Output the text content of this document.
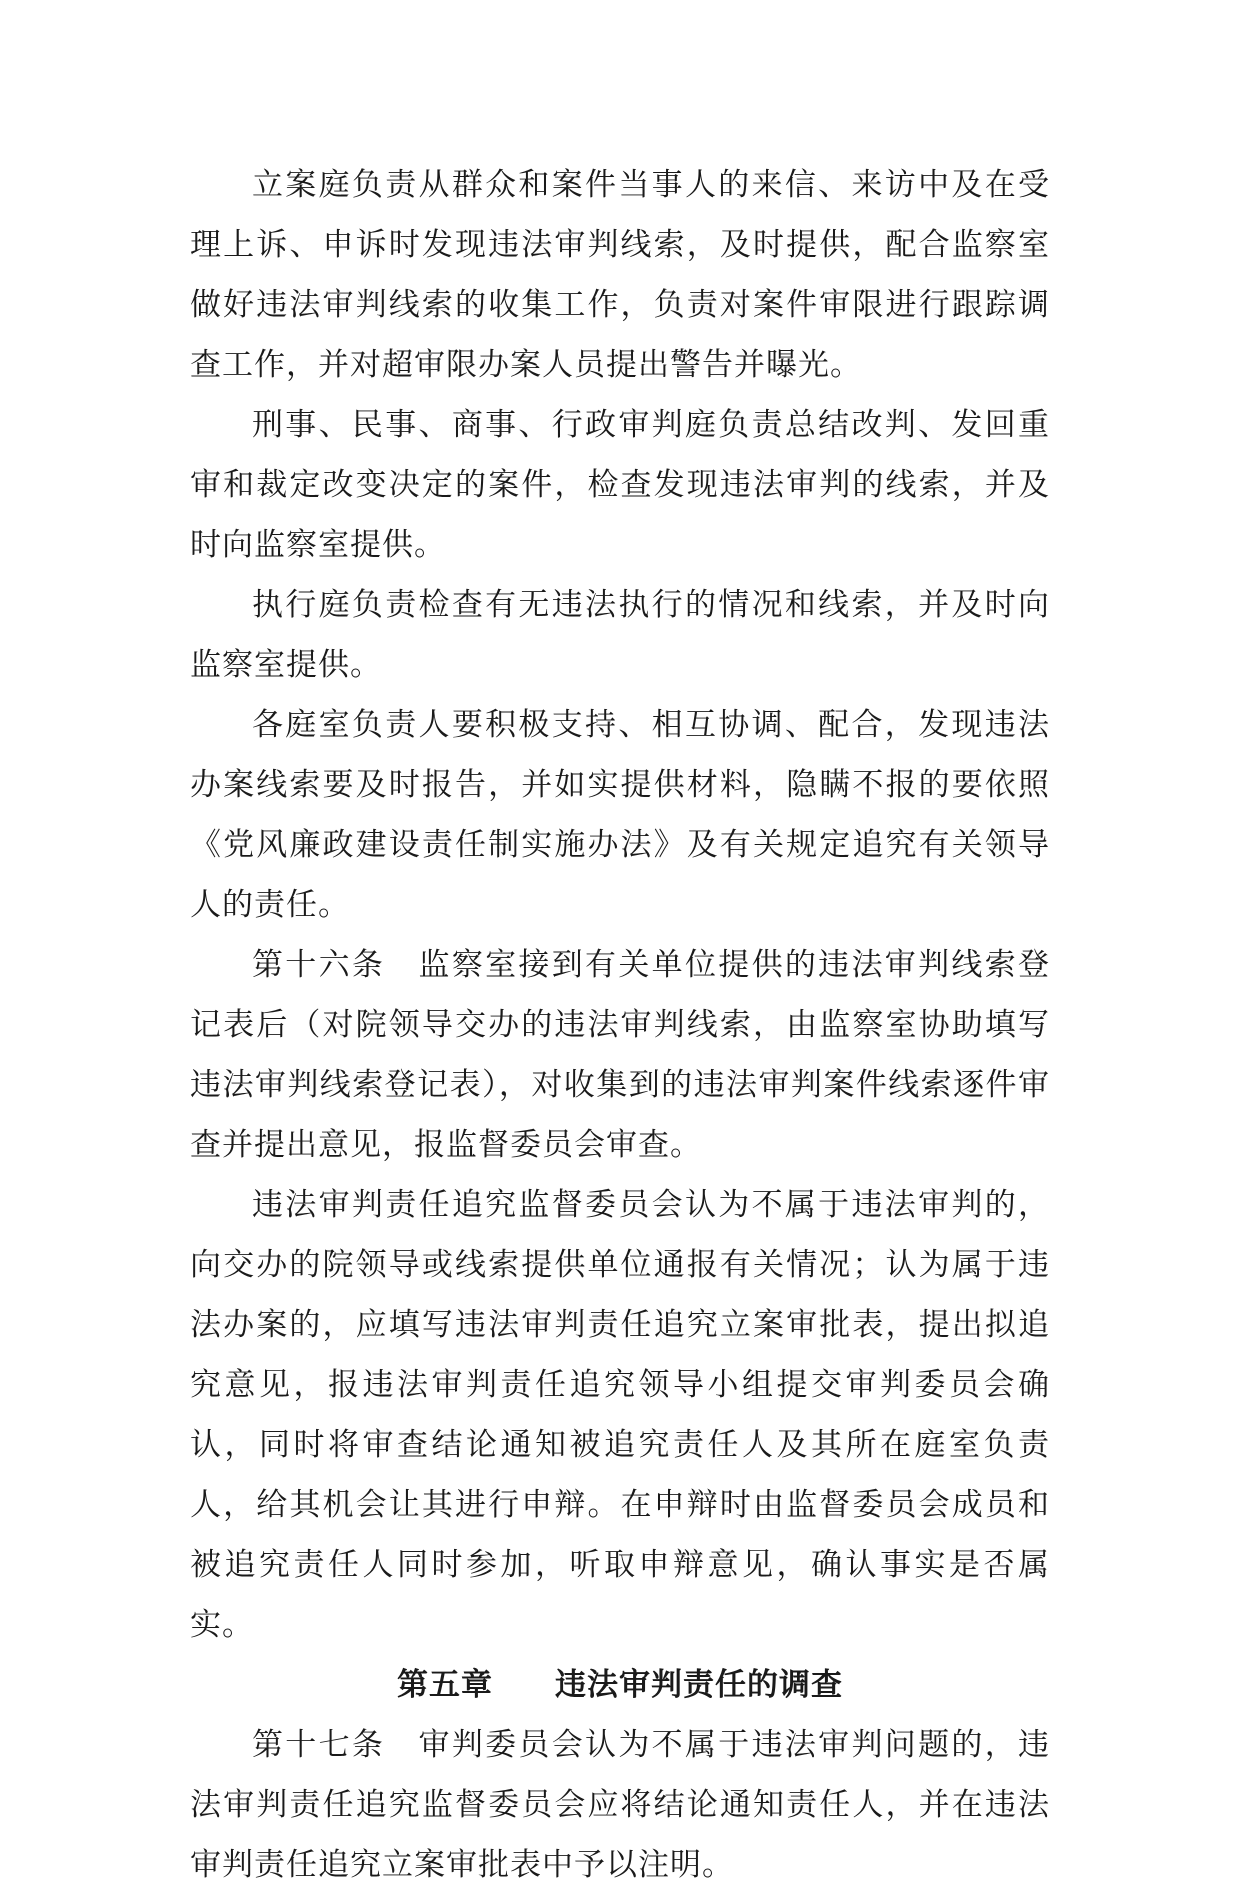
立案庭负责从群众和案件当事人的来信、来访中及在受理上诉、申诉时发现违法审判线索，及时提供，配合监察室做好违法审判线索的收集工作，负责对案件审限进行跟踪调查工作，并对超审限办案人员提出警告并曝光。

刑事、民事、商事、行政审判庭负责总结改判、发回重审和裁定改变决定的案件，检查发现违法审判的线索，并及时向监察室提供。

执行庭负责检查有无违法执行的情况和线索，并及时向监察室提供。

各庭室负责人要积极支持、相互协调、配合，发现违法办案线索要及时报告，并如实提供材料，隐瞒不报的要依照《党风廉政建设责任制实施办法》及有关规定追究有关领导人的责任。

第十六条　监察室接到有关单位提供的违法审判线索登记表后（对院领导交办的违法审判线索，由监察室协助填写违法审判线索登记表），对收集到的违法审判案件线索逐件审查并提出意见，报监督委员会审查。

违法审判责任追究监督委员会认为不属于违法审判的，向交办的院领导或线索提供单位通报有关情况；认为属于违法办案的，应填写违法审判责任追究立案审批表，提出拟追究意见，报违法审判责任追究领导小组提交审判委员会确认，同时将审查结论通知被追究责任人及其所在庭室负责人，给其机会让其进行申辩。在申辩时由监督委员会成员和被追究责任人同时参加，听取申辩意见，确认事实是否属实。

第五章 违法审判责任的调查

第十七条　审判委员会认为不属于违法审判问题的，违法审判责任追究监督委员会应将结论通知责任人，并在违法审判责任追究立案审批表中予以注明。
